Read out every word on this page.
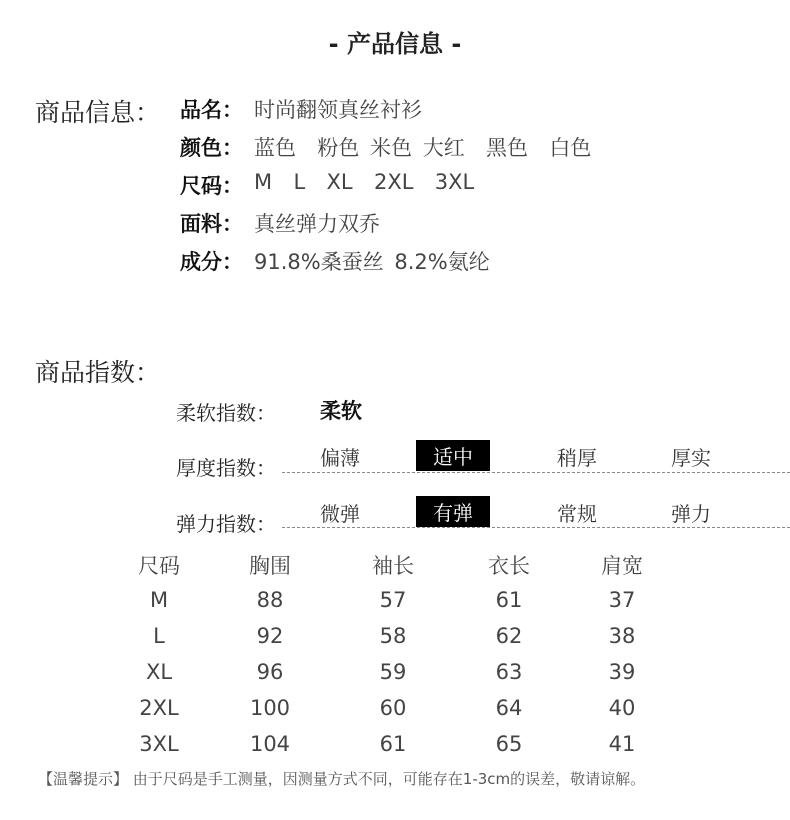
- 产品信息 -
商品信息： 品名： 时尚翻领真丝衬衫
颜色： 蓝色  粉色 米色 大红  黑色  白色
尺码： M  L  XL  2XL  3XL
面料： 真丝弹力双乔
成分： 91.8%桑蚕丝 8.2%氨纶
商品指数：
柔软指数： 柔软
厚度指数： 偏薄	适中	稍厚	厚实
弹力指数： 微弹	有弹	常规	弹力
尺码	胸围	袖长	衣长	肩宽
M	88	57	61	37
L	92	58	62	38
XL	96	59	63	39
2XL	100	60	64	40
3XL	104	61	65	41
【温馨提示】 由于尺码是手工测量，因测量方式不同，可能存在1-3cm的误差，敬请谅解。
